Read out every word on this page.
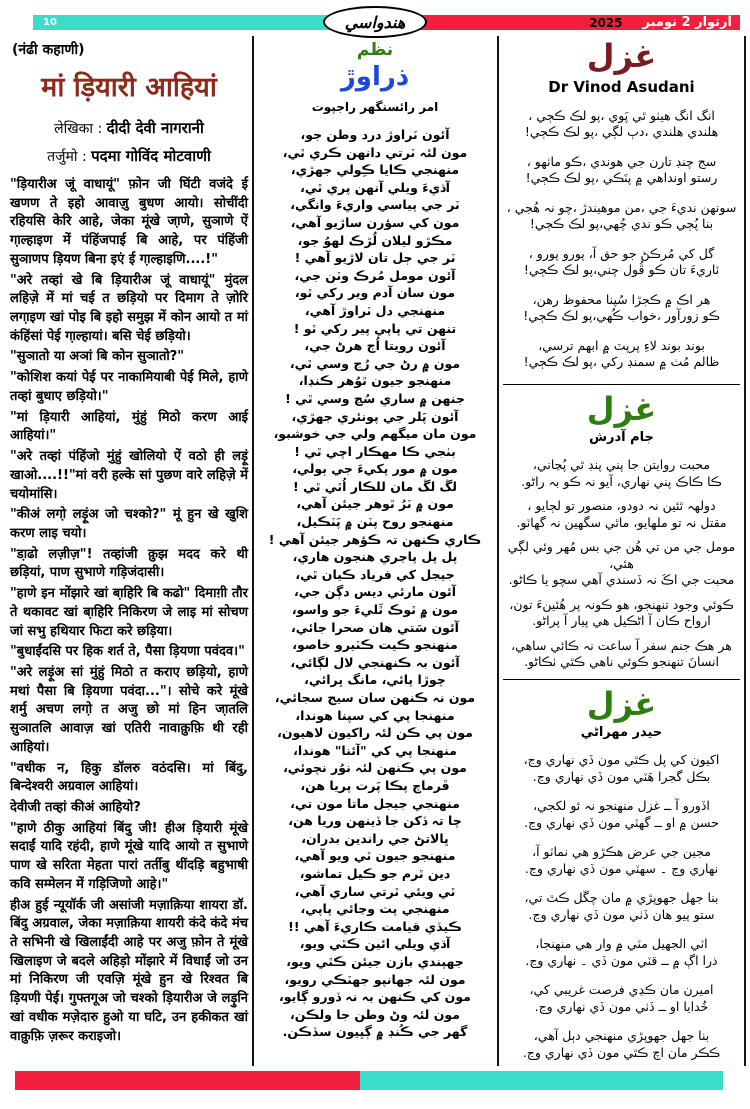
10	2025 آرتوار 2 نومبر
هندواسي
(नंढी कहाणी)
मां ड़ियारी आहियां
लेखिका : दीदी देवी नागरानी
तर्जुमो : पदमा गोविंद मोटवाणी
"ड़ियारीअ जूं वाधायूं" फ़ोन जी घिंटी वजंदे ई खणण ते इहो आवाज़ु बुधण आयो। सोचींदी रहियसि केरि आहे, जेका मूंखे जा़णे, सुञाणे ऐं गा़ल्हाइण में पंहिंजपाई बि आहे, पर पंहिंजी सुञाणप ड़ियण बिना इएं ई गा़ल्हाइणि....!"
"अरे तव्हां खे बि ड़ियारीअ जूं वाधायूं" मुंदल लहिज़े में मां चई त छड़ियो पर दिमाग ते ज़ोरि लगा़इण खां पोइ बि इहो समुझ में कोन आयो त मां कंहिंसां पेई गा़ल्हायां। बसि चेई छड़ियो।
"सुञातो या अञां बि कोन सुञातो?"
"कोशिश कयां पेई पर नाकामियाबी पेई मिले, हाणे तव्हां बुधाए छड़ियो।"
"मां ड़ियारी आहियां, मुंहुं मिठो करण आई आहियां।"
"अरे तव्हां पंहिंजो मुंहुं खोलियो ऐं वठो ही लड़ूं खाओ....!!"मां वरी हल्के सां पुछण वारे लहिज़े में चयोमांसि।
"कीअं लगो़ लड़ूंअ जो चश्को?" मूं हुन खे खुशि करण लाइ चयो।
"डा़ढो लज़ीज़"! तव्हांजी कु़झ मदद करे थी छड़ियां, पाण सुभाणे गड़िजंदासी।
"हाणे इन मोंझारे खां बा़हिरि बि कढो" दिमाग़ी तौर ते थकावट खां बा़हिरि निकिरण जे लाइ मां सोचण जां सभु हथियार फिटा करे छड़िया।
"बुधाईंदसि पर हिक शर्त ते, पैसा ड़ियणा पवंदव।"
"अरे लड़ूंअ सां मुंहुं मिठो त कराए छड़ियो, हाणे मथां पैसा बि ड़ियणा पवंदा..."। सोचे करे मूंखे शर्मु अचण लगो़ त अजु छो मां हिन जा़तलि सुञातलि आवाज़ खां एतिरी नावाकु़फ़ि थी रही आहियां।
"वधीक न, हिकु डॉलरु वठंदसि। मां बिंदु, बिन्देश्वरी अग्रवाल आहियां।
देवीजी तव्हां कीअं आहियो?
"हाणे ठीकु आहियां बिंदु जी! हीअ ड़ियारी मूंखे सदाईं यादि रहंदी, हाणे मूंखे यादि आयो त सुभाणे पाण खे सरिता मेहता पारां तर्तीबु थींदड़ि बहुभाषी कवि सम्मेलन में गड़िजिणो आहे।"
हीअ हुई न्यूयॉर्क जी असांजी मज़ाक़िया शायरा डॉ. बिंदु अग्रवाल, जेका मज़ाक़िया शायरी कंदे कंदे मंच ते सभिनी खे खिलाईंदी आहे पर अजु फ़ोन ते मूंखे खिलाइण जे बदले अहिड़ो मोंझारे में विधाईं जो उन मां निकिरण जी एवज़ि मूंखे हुन खे रिश्वत बि ड़ियणी पेई। गुफ्तगूअ जो चश्को ड़ियारीअ जे लड़ुनि खां वधीक मज़ेदारु हुओ या घटि, उन हकीकत खां वाकु़फ़ि ज़रूर कराइजो।
نظم
ذراوڙ
امر رائسنگهر راجپوت
آئون ٽراوڙ درد وطن جو،
مون لئہ ٽرتي دانهن ڪري ٿي،
منهنجي ڪايا ڪِولي جهڙي،
آڌيءَ ويلي آنهن پري ٿي،
ٽر جي پياسي واريءَ وانگي،
مون کي سؤرن ساڙيو آهي،
مڪڙو ليلان لُڙڪ لهوُ جو،
ٽر جي ڄل تان لاڙيو آهي !
آئون مومل مُرڪ وٽن جي،
مون سان آدم وير رکي ٿو،
منهنجي دل ٽراوڙ آهي،
تنهن تي پاپي پير رکي ٿو !
آئون رويتا اُڄ هرڻ جي،
مون ۾ رڻ جي رُڃ وسي ٿي،
منهنجو جيون ٿوُهر ڪنڊا،
جنهن ۾ ساري سُڃ وسي ٿي !
آئون پَلر جي پونئري جهڙي،
مون مان ميگهم ولي جي خوشبو،
بٺجي ڪا مهڪار اچي ٿي !
مون ۾ مور پکيءَ جي ٻولي،
لڱ لڱ مان للڪار اُٿي ٿي !
مون ۾ ٽرُ ٿوهر جيئن آهي،
منهنجو روح پٽن ۾ پَٽڪيل،
ڪاري ڪنهن تہ ڪؤهر جيئن آهي !
پل پل پاڃري هنجون هاري،
جيجل کي فرياد ڪيان ٿي،
آئون مارئي ديس دڳن جي،
مون ۾ ٿوڪ ٿَليءَ جو واسو،
آئون سَتي هان صحرا جائي،
منهنجو ڪيت ڪٽيرو خاصو،
آئون بہ ڪنهنجي لال لڳائي،
چوڙا پائي، مانگ ڀرائي،
مون نہ ڪنهن سان سيج سجائي،
منهنجا پي کي سپنا هوندا،
مون پي ڪن لئہ راکيون لاهيون،
منهنجا پي کي "آئنا" هوندا،
مون پي ڪنهن لئہ نوُر نچوئي،
ڦرماچ پڪا پَرت پريا هن،
منهنجي جيجل ماتا مون تي،
چا تہ ڏکن جا ڏينهن وريا هن،
ڀالاتڻ جي راندين بدران،
منهنجو جيون ٿي ويو آهي،
دين ٿرم جو ڪيل تماشو،
ٿي ويئي ٿرتي ساري آهي،
منهنجي پت وڃائي پاپي،
ڪيڏي قيامت ڪاريءَ آهي !!
آڌي ويلي ائين ڪٿي ويو،
جهپندي بازن جيئن ڪٿي ويو،
مون لئہ جهانپو جهٽڪي رويو،
مون کي ڪنهن بہ نہ ڏورو ڳايو،
مون لئہ وڻ وطن جا ولڪن،
گهر جي ڪُنڊ ۾ ڳڀيون سڏڪن.
غزل
Dr Vinod Asudani
انگ انگ هيٺو ٿي پَوي ،پو لڪ ڪڄي ،
هلندي هلندي ،دٻ لڳي ،پو لڪ ڪڄي!
سج چنڊ تارن جي هوندي ،ڪو ماٺهو ،
رستو اونداهي ۾ پنَڪي ،پو لڪ ڪڄي!
سونهن نديءَ جي ،من موهيندڙ ،چو نہ هُجي ،
بنا پُڄي ڪو ندي چُهي،پو لڪ ڪڄي!
گل کي مُرڪڻ جو حق آ، پورو پورو ،
ٽاريءَ تان ڪو ڦُول چني،پو لڪ ڪڄي!
هر اڪ ۾ ڪجڙا سُپنا محفوظ رهن،
ڪو زورآور ،خواب ڪُهي،پو لڪ ڪڄي!
بوند بوند لاءِ پرپٽ ۾ ابهم ترسي،
ظالم مُٺ ۾ سمنڊ رکي ،پو لڪ ڪڄي!
غزل
جام آدرش
محبت روايتن جا پني پنڊ ٿي پُڃاني،
ڪا ڪاڪ پني نهاري، آيو نہ ڪو بہ راڻو.
دولهہ ٿئين نہ دودو، منصور تو لڄايو ،
مقتل نہ تو ملهايو، ماٿي سگهين نہ گهاٽو.
مومل جي من تي هُن جي بس مُهر وئي لڳي هئي،
محبت جي اڪَ نہ ڏسندي آهي سچو يا ڪاڻو.
ڪوئي وجود تنهنجو، هو ڪونہ پر هُئينءَ تون،
ارواح ڪان آ اڻڪيل هي پيار آ پراڻو.
هر هڪ جنم سفر آ ساعت نہ ڪائي ساهي،
انسانَ تنهنجو ڪوئي ناهي ڪٿي ٺڪاڻو.
غزل
حيدر مهراڻي
اکيون کي پل ڪٿي مون ڏي نهاري وڃ،
بڪل گجرا هَٽي مون ڏي نهاري وڃ.
اڏورو آ ــ غزل منهنجو نہ ئو لکجي،
حسن ۾ او ــ گهٽي مون ڏي نهاري وڃ.
مجين جي عرض هڪڙو هي نماٽو آ،
نهاري وڃ ۔ سهٽي مون ڏي نهاري وڃ.
بنا جهل جهوپڙي ۾ مان چڱل ڪٿ تي،
ستو پيو هان ڏٺي مون ڏي نهاري وڃ.
اٽي الجهيل مٽي ۾ وار هي منهنجا،
ذرا اڳ ۾ ــ قٽي مون ڏي ۔ نهاري وڃ.
اميرن مان ڪڍي فرصت غريبي کي،
خُدايا او ــ ڏٺي مون ڏي نهاري وڃ.
بنا جهل جهوپڙي منهنجي دٻل آهي،
ڪڪر مان اچ ڪٿي مون ڏي نهاري وڃ.
